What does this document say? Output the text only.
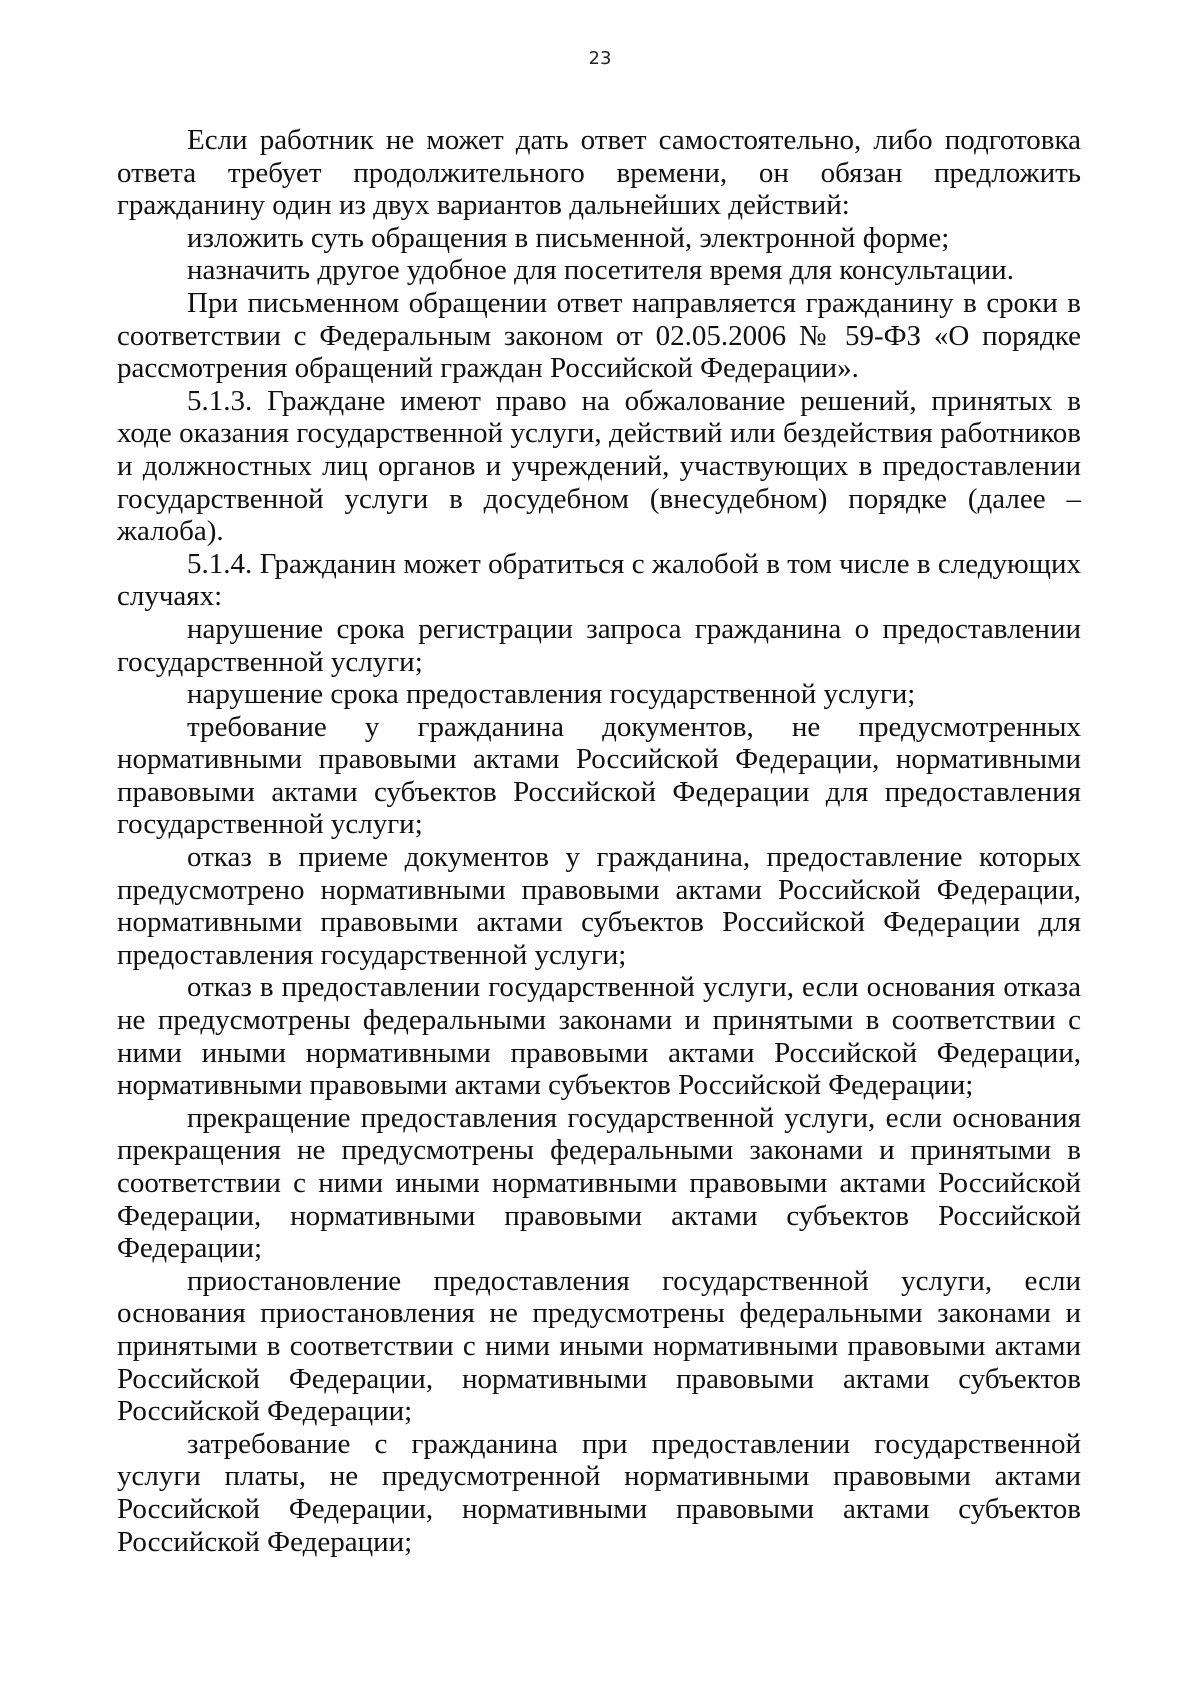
23

Если работник не может дать ответ самостоятельно, либо подготовка ответа требует продолжительного времени, он обязан предложить гражданину один из двух вариантов дальнейших действий:

изложить суть обращения в письменной, электронной форме;

назначить другое удобное для посетителя время для консультации.

При письменном обращении ответ направляется гражданину в сроки в соответствии с Федеральным законом от 02.05.2006 № 59-ФЗ «О порядке рассмотрения обращений граждан Российской Федерации».

5.1.3. Граждане имеют право на обжалование решений, принятых в ходе оказания государственной услуги, действий или бездействия работников и должностных лиц органов и учреждений, участвующих в предоставлении государственной услуги в досудебном (внесудебном) порядке (далее – жалоба).

5.1.4. Гражданин может обратиться с жалобой в том числе в следующих случаях:

нарушение срока регистрации запроса гражданина о предоставлении государственной услуги;

нарушение срока предоставления государственной услуги;

требование у гражданина документов, не предусмотренных нормативными правовыми актами Российской Федерации, нормативными правовыми актами субъектов Российской Федерации для предоставления государственной услуги;

отказ в приеме документов у гражданина, предоставление которых предусмотрено нормативными правовыми актами Российской Федерации, нормативными правовыми актами субъектов Российской Федерации для предоставления государственной услуги;

отказ в предоставлении государственной услуги, если основания отказа не предусмотрены федеральными законами и принятыми в соответствии с ними иными нормативными правовыми актами Российской Федерации, нормативными правовыми актами субъектов Российской Федерации;

прекращение предоставления государственной услуги, если основания прекращения не предусмотрены федеральными законами и принятыми в соответствии с ними иными нормативными правовыми актами Российской Федерации, нормативными правовыми актами субъектов Российской Федерации;

приостановление предоставления государственной услуги, если основания приостановления не предусмотрены федеральными законами и принятыми в соответствии с ними иными нормативными правовыми актами Российской Федерации, нормативными правовыми актами субъектов Российской Федерации;

затребование с гражданина при предоставлении государственной услуги платы, не предусмотренной нормативными правовыми актами Российской Федерации, нормативными правовыми актами субъектов Российской Федерации;
